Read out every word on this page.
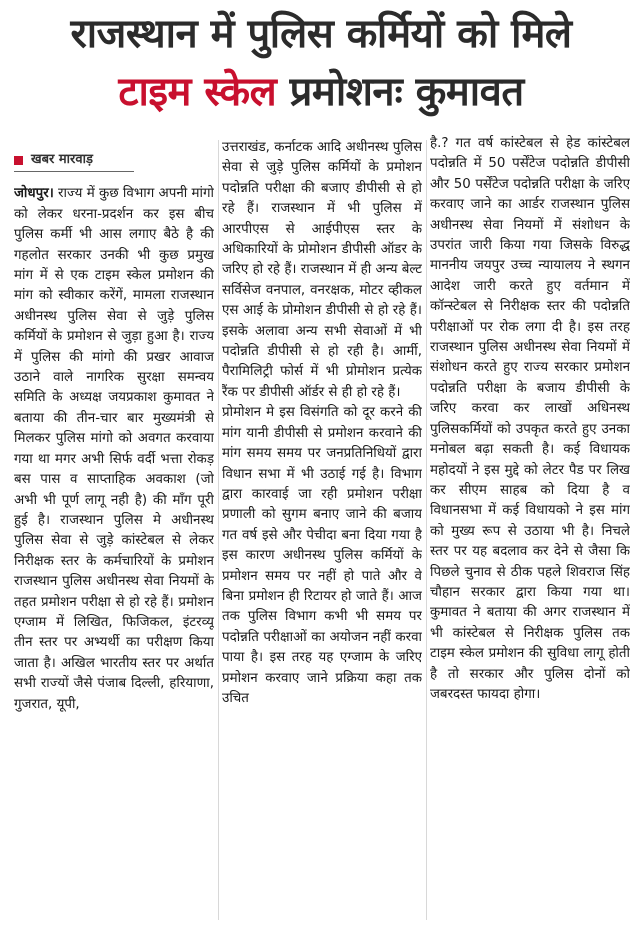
राजस्थान में पुलिस कर्मियों को मिले
टाइम स्केल प्रमोशनः कुमावत
खबर मारवाड़

जोधपुर। राज्य में कुछ विभाग अपनी मांगो को लेकर धरना-प्रदर्शन कर इस बीच पुलिस कर्मी भी आस लगाए बैठे है की गहलोत सरकार उनकी भी कुछ प्रमुख मांग में से एक टाइम स्केल प्रमोशन की मांग को स्वीकार करेंगें, मामला राजस्थान अधीनस्थ पुलिस सेवा से जुड़े पुलिस कर्मियों के प्रमोशन से जुड़ा हुआ है। राज्य में पुलिस की मांगो की प्रखर आवाज उठाने वाले नागरिक सुरक्षा समन्वय समिति के अध्यक्ष जयप्रकाश कुमावत ने बताया की तीन-चार बार मुख्यमंत्री से मिलकर पुलिस मांगो को अवगत करवाया गया था मगर अभी सिर्फ वर्दी भत्ता रोकड़ बस पास व साप्ताहिक अवकाश (जो अभी भी पूर्ण लागू नही है) की माँग पूरी हुई है। राजस्थान पुलिस मे अधीनस्थ पुलिस सेवा से जुड़े कांस्टेबल से लेकर निरीक्षक स्तर के कर्मचारियों के प्रमोशन राजस्थान पुलिस अधीनस्थ सेवा नियमों के तहत प्रमोशन परीक्षा से हो रहे हैं। प्रमोशन एग्जाम में लिखित, फिजिकल, इंटरव्यू तीन स्तर पर अभ्यर्थी का परीक्षण किया जाता है। अखिल भारतीय स्तर पर अर्थात सभी राज्यों जैसे पंजाब दिल्ली, हरियाणा, गुजरात, यूपी,

उत्तराखंड, कर्नाटक आदि अधीनस्थ पुलिस सेवा से जुड़े पुलिस कर्मियों के प्रमोशन पदोन्नति परीक्षा की बजाए डीपीसी से हो रहे हैं। राजस्थान में भी पुलिस में आरपीएस से आईपीएस स्तर के अधिकारियों के प्रोमोशन डीपीसी ऑडर के जरिए हो रहे हैं। राजस्थान में ही अन्य बेल्ट सर्विसेज वनपाल, वनरक्षक, मोटर व्हीकल एस आई के प्रोमोशन डीपीसी से हो रहे हैं। इसके अलावा अन्य सभी सेवाओं में भी पदोन्नति डीपीसी से हो रही है। आर्मी, पैरामिलिट्री फोर्स में भी प्रोमोशन प्रत्येक रैंक पर डीपीसी ऑर्डर से ही हो रहे हैं।

प्रोमोशन मे इस विसंगति को दूर करने की मांग यानी डीपीसी से प्रमोशन करवाने की मांग समय समय पर जनप्रतिनिधियों द्वारा विधान सभा में भी उठाई गई है। विभाग द्वारा कारवाई जा रही प्रमोशन परीक्षा प्रणाली को सुगम बनाए जाने की बजाय गत वर्ष इसे और पेचीदा बना दिया गया है इस कारण अधीनस्थ पुलिस कर्मियों के प्रमोशन समय पर नहीं हो पाते और वे बिना प्रमोशन ही रिटायर हो जाते हैं। आज तक पुलिस विभाग कभी भी समय पर पदोन्नति परीक्षाओं का अयोजन नहीं करवा पाया है। इस तरह यह एग्जाम के जरिए प्रमोशन करवाए जाने प्रक्रिया कहा तक उचित

है.? गत वर्ष कांस्टेबल से हेड कांस्टेबल पदोन्नति में 50 पर्सेंटेज पदोन्नति डीपीसी और 50 पर्सेंटेज पदोन्नति परीक्षा के जरिए करवाए जाने का आर्डर राजस्थान पुलिस अधीनस्थ सेवा नियमों में संशोधन के उपरांत जारी किया गया जिसके विरुद्ध माननीय जयपुर उच्च न्यायालय ने स्थगन आदेश जारी करते हुए वर्तमान में कॉन्स्टेबल से निरीक्षक स्तर की पदोन्नति परीक्षाओं पर रोक लगा दी है। इस तरह राजस्थान पुलिस अधीनस्थ सेवा नियमों में संशोधन करते हुए राज्य सरकार प्रमोशन पदोन्नति परीक्षा के बजाय डीपीसी के जरिए करवा कर लाखों अधिनस्थ पुलिसकर्मियों को उपकृत करते हुए उनका मनोबल बढ़ा सकती है। कई विधायक महोदयों ने इस मुद्दे को लेटर पैड पर लिख कर सीएम साहब को दिया है व विधानसभा में कई विधायको ने इस मांग को मुख्य रूप से उठाया भी है। निचले स्तर पर यह बदलाव कर देने से जैसा कि पिछले चुनाव से ठीक पहले शिवराज सिंह चौहान सरकार द्वारा किया गया था। कुमावत ने बताया की अगर राजस्थान में भी कांस्टेबल से निरीक्षक पुलिस तक टाइम स्केल प्रमोशन की सुविधा लागू होती है तो सरकार और पुलिस दोनों को जबरदस्त फायदा होगा।
